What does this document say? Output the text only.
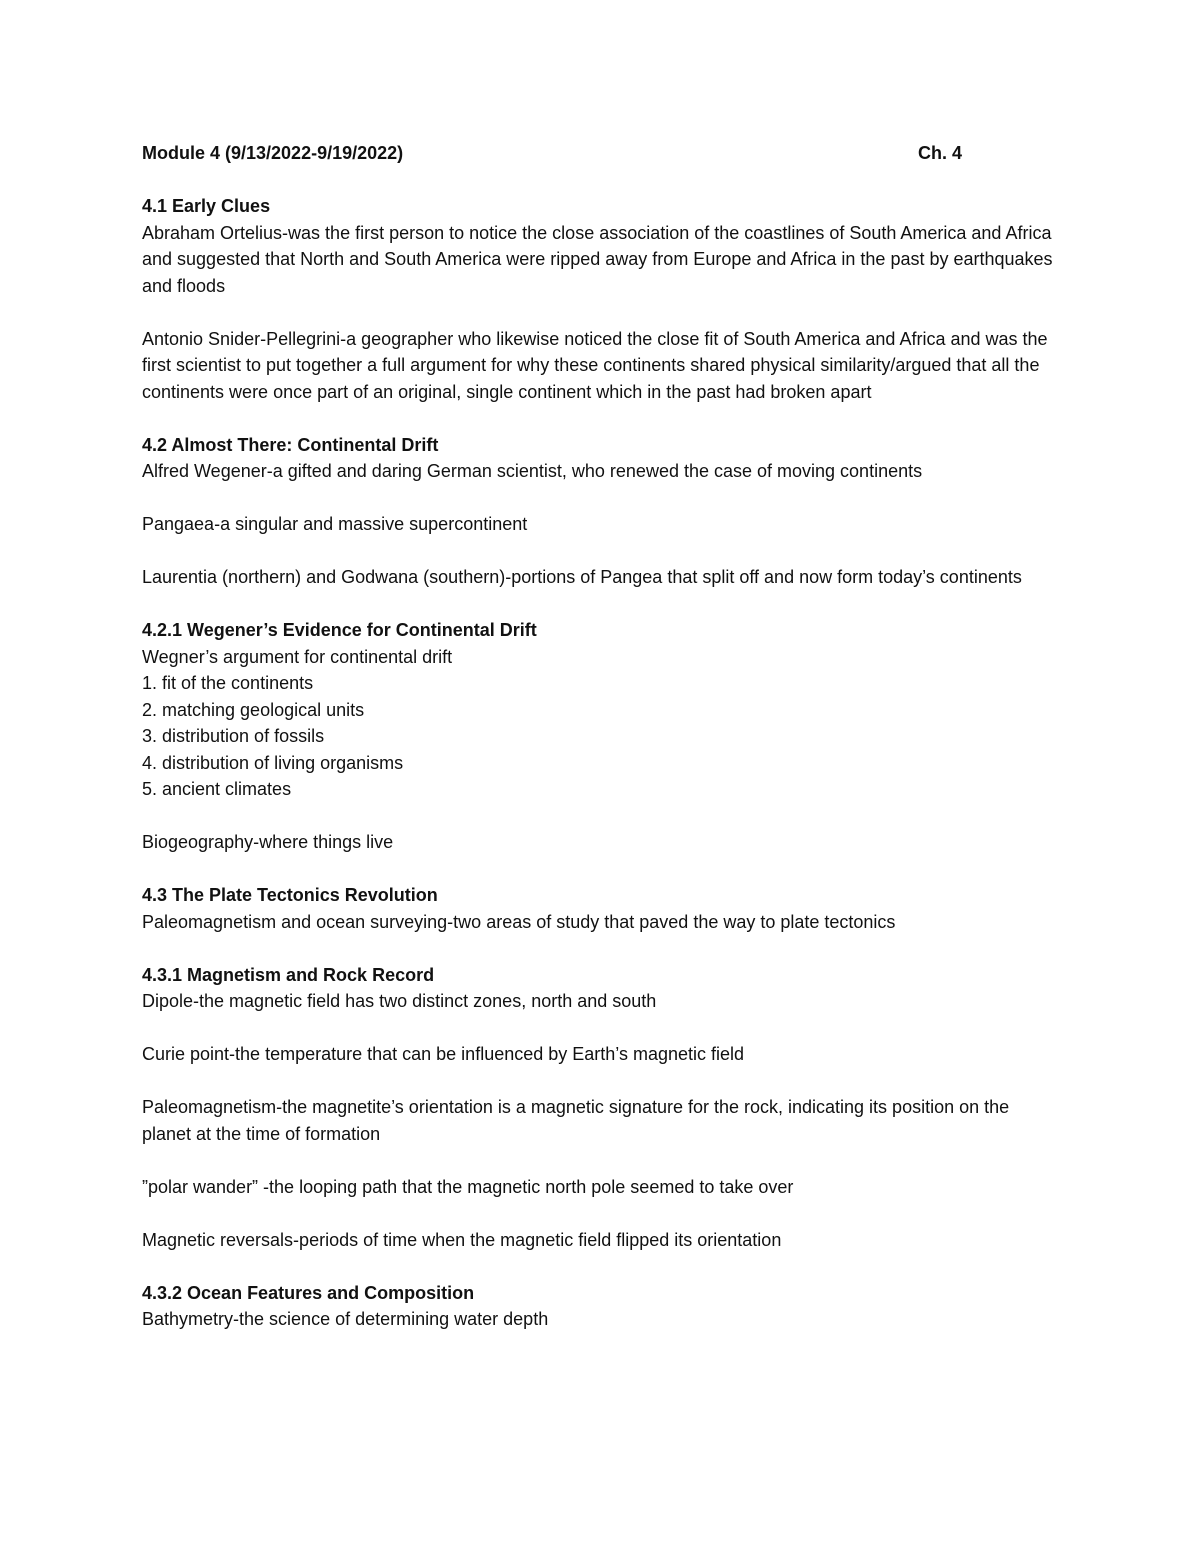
Module 4 (9/13/2022-9/19/2022)	Ch. 4
4.1 Early Clues

Abraham Ortelius-was the first person to notice the close association of the coastlines of South America and Africa and suggested that North and South America were ripped away from Europe and Africa in the past by earthquakes and floods

Antonio Snider-Pellegrini-a geographer who likewise noticed the close fit of South America and Africa and was the first scientist to put together a full argument for why these continents shared physical similarity/argued that all the continents were once part of an original, single continent which in the past had broken apart

4.2 Almost There: Continental Drift

Alfred Wegener-a gifted and daring German scientist, who renewed the case of moving continents

Pangaea-a singular and massive supercontinent

Laurentia (northern) and Godwana (southern)-portions of Pangea that split off and now form today’s continents

4.2.1 Wegener’s Evidence for Continental Drift

Wegner’s argument for continental drift

1. fit of the continents

2. matching geological units

3. distribution of fossils

4. distribution of living organisms

5. ancient climates

Biogeography-where things live

4.3 The Plate Tectonics Revolution

Paleomagnetism and ocean surveying-two areas of study that paved the way to plate tectonics

4.3.1 Magnetism and Rock Record

Dipole-the magnetic field has two distinct zones, north and south

Curie point-the temperature that can be influenced by Earth’s magnetic field

Paleomagnetism-the magnetite’s orientation is a magnetic signature for the rock, indicating its position on the planet at the time of formation

”polar wander” -the looping path that the magnetic north pole seemed to take over

Magnetic reversals-periods of time when the magnetic field flipped its orientation

4.3.2 Ocean Features and Composition

Bathymetry-the science of determining water depth
